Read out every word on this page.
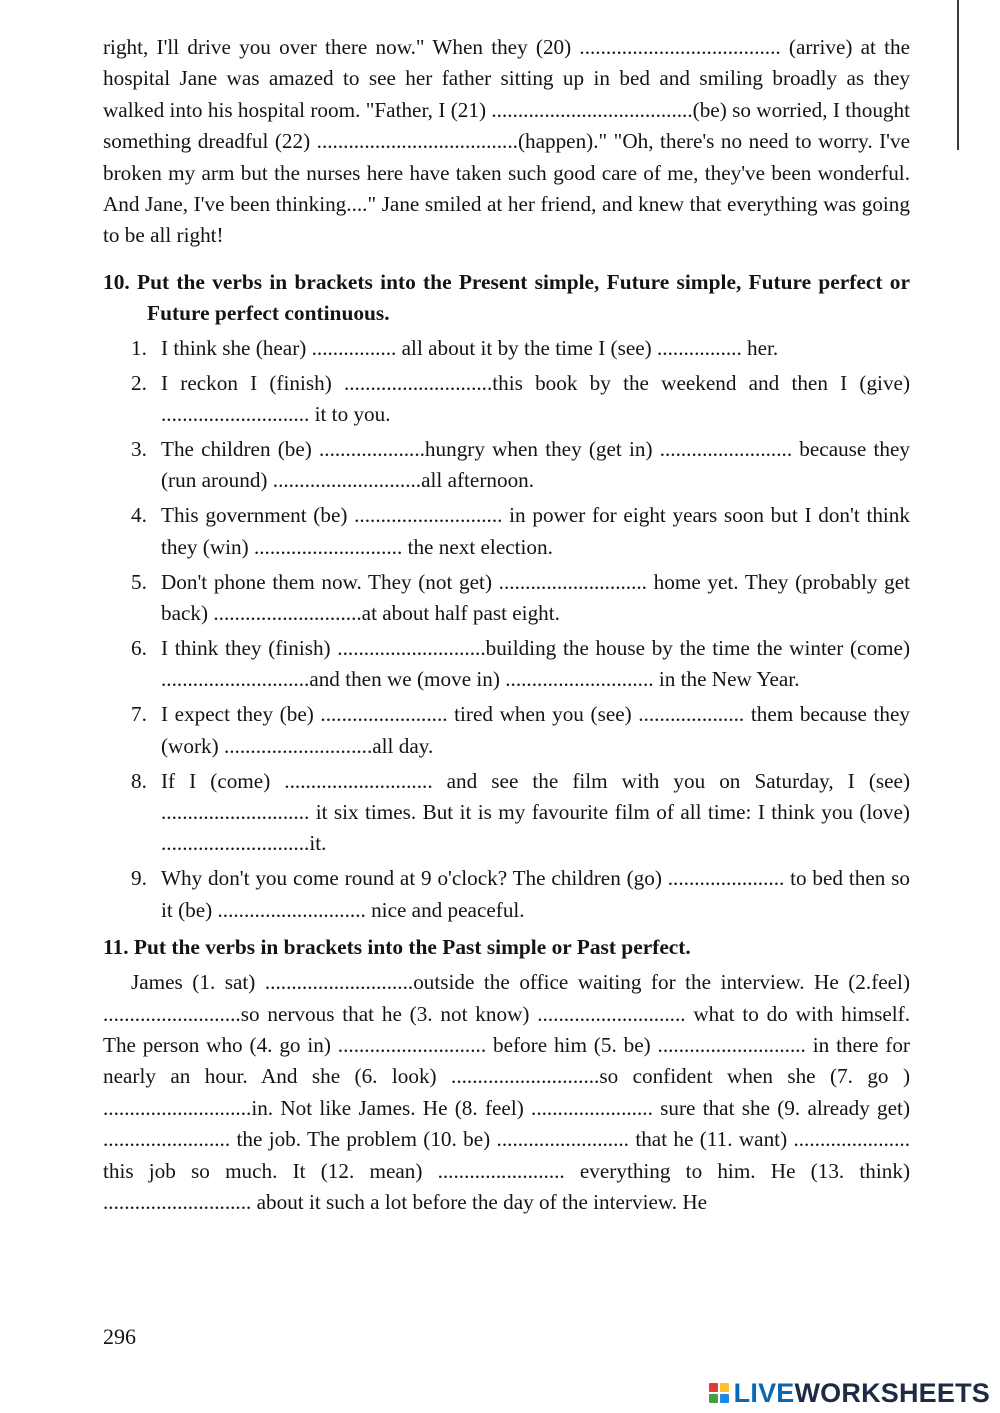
right, I'll drive you over there now." When they (20) ...................................... (arrive) at the hospital Jane was amazed to see her father sitting up in bed and smiling broadly as they walked into his hospital room. "Father, I (21) ......................................(be) so worried, I thought something dreadful (22) ......................................(happen)." "Oh, there's no need to worry. I've broken my arm but the nurses here have taken such good care of me, they've been wonderful. And Jane, I've been thinking...." Jane smiled at her friend, and knew that everything was going to be all right!

10. Put the verbs in brackets into the Present simple, Future simple, Future perfect or Future perfect continuous.
1. I think she (hear) ................ all about it by the time I (see) ................ her.
2. I reckon I (finish) ............................this book by the weekend and then I (give) ............................ it to you.
3. The children (be) ....................hungry when they (get in) ......................... because they (run around) ............................all afternoon.
4. This government (be) ............................ in power for eight years soon but I don't think they (win) ............................ the next election.
5. Don't phone them now. They (not get) ............................ home yet. They (probably get back) ............................at about half past eight.
6. I think they (finish) ............................building the house by the time the winter (come) ............................and then we (move in) ............................ in the New Year.
7. I expect they (be) ........................ tired when you (see) .................... them because they (work) ............................all day.
8. If I (come) ............................ and see the film with you on Saturday, I (see) ............................ it six times. But it is my favourite film of all time: I think you (love) ............................it.
9. Why don't you come round at 9 o'clock? The children (go) ...................... to bed then so it (be) ............................ nice and peaceful.
11. Put the verbs in brackets into the Past simple or Past perfect.

James (1. sat) ............................outside the office waiting for the interview. He (2.feel) ..........................so nervous that he (3. not know) ............................ what to do with himself. The person who (4. go in) ............................ before him (5. be) ............................ in there for nearly an hour. And she (6. look) ............................so confident when she (7. go ) ............................in. Not like James. He (8. feel) ....................... sure that she (9. already get) ........................ the job. The problem (10. be) ......................... that he (11. want) ...................... this job so much. It (12. mean) ........................ everything to him. He (13. think) ............................ about it such a lot before the day of the interview. He

296
LIVEWORKSHEETS
